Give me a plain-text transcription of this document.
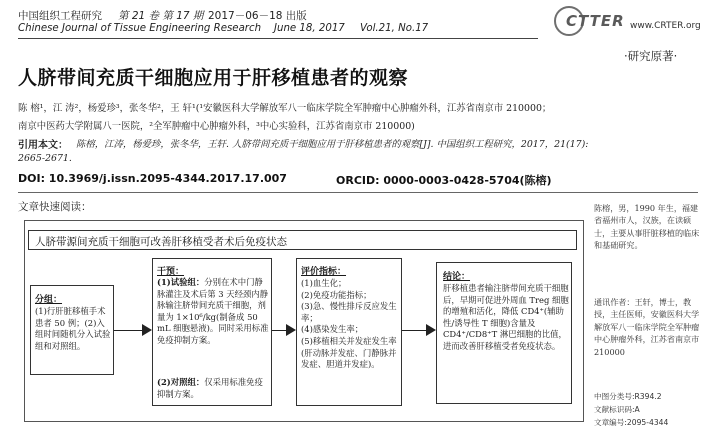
中国组织工程研究 第 21 卷 第 17 期 2017－06－18 出版
Chinese Journal of Tissue Engineering Research June 18, 2017 Vol.21, No.17	CTTER www.CRTER.org
·研究原著·
人脐带间充质干细胞应用于肝移植患者的观察
陈 榕¹，江 涛²，杨爱珍³，张冬华²，王 轩¹(¹安徽医科大学解放军八一临床学院全军肿瘤中心肿瘤外科，江苏省南京市 210000；
南京中医药大学附属八一医院，²全军肿瘤中心肿瘤外科，³中心实验科，江苏省南京市 210000)
引用本文： 陈榕，江涛，杨爱珍，张冬华，王轩. 人脐带间充质干细胞应用于肝移植患者的观察[J]. 中国组织工程研究，2017，21(17):
2665-2671.
DOI: 10.3969/j.issn.2095-4344.2017.17.007	ORCID: 0000-0003-0428-5704(陈榕)
文章快速阅读：
人脐带源间充质干细胞可改善肝移植受者术后免疫状态
分组：
(1)行肝脏移植手术患者 50 例；(2)入组时间随机分入试验组和对照组。
干预：
(1)试验组：分别在术中门静脉灌注及术后第 3 天经颈内静脉输注脐带间充质干细胞，剂量为 1×10⁶/kg(制备成 50 mL 细胞悬液)。同时采用标准免疫抑制方案。
(2)对照组：仅采用标准免疫抑制方案。
评价指标：
(1)血生化；
(2)免疫功能指标；
(3)急、慢性排斥反应发生率；
(4)感染发生率；
(5)移植相关并发症发生率(肝动脉并发症、门静脉并发症、胆道并发症)。
结论：
肝移植患者输注脐带间充质干细胞后，早期可促进外周血 Treg 细胞的增殖和活化，降低 CD4⁺(辅助性/诱导性 T 细胞)含量及 CD4⁺/CD8⁺T 淋巴细胞的比值，进而改善肝移植受者免疫状态。
陈榕，男，1990 年生，福建省福州市人，汉族，在读硕士，主要从事肝脏移植的临床和基础研究。
通讯作者：王轩，博士，教授，主任医师，安徽医科大学解放军八一临床学院全军肿瘤中心肿瘤外科，江苏省南京市 210000
中图分类号:R394.2
文献标识码:A
文章编号:2095-4344
